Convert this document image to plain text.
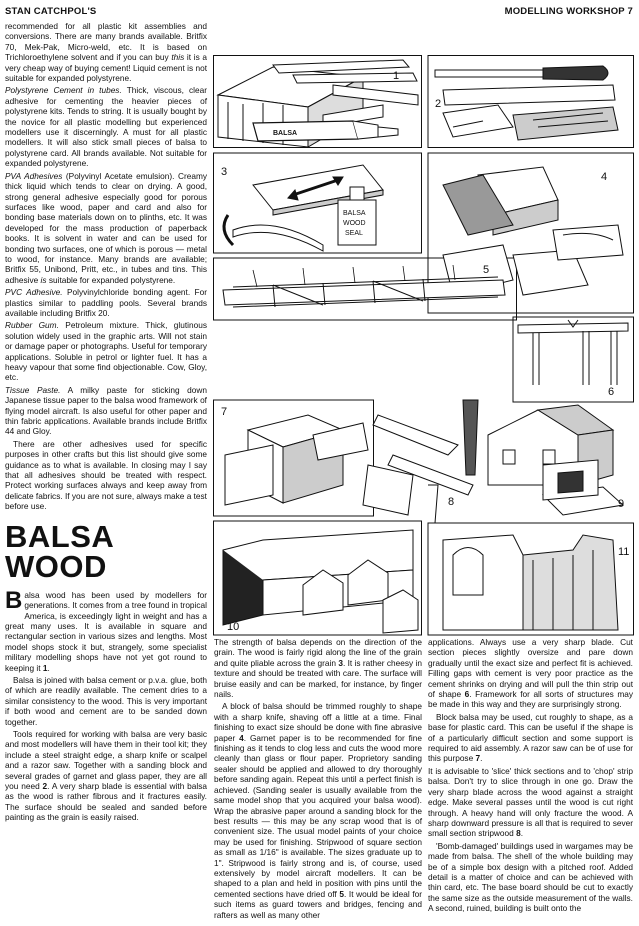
STAN CATCHPOL'S	MODELLING WORKSHOP 7

recommended for all plastic kit assemblies and conversions. There are many brands available. Britfix 70, Mek-Pak, Micro-weld, etc. It is based on Trichloroethylene solvent and if you can buy this it is a very cheap way of buying cement! Liquid cement is not suitable for expanded polystyrene.

Polystyrene Cement in tubes. Thick, viscous, clear adhesive for cementing the heavier pieces of polystyrene kits. Tends to string. It is usually bought by the novice for all plastic modelling but experienced modellers use it discerningly. A must for all plastic modellers. It will also stick small pieces of balsa to polystyrene card. All brands available. Not suitable for expanded polystyrene.

PVA Adhesives (Polyvinyl Acetate emulsion). Creamy thick liquid which tends to clear on drying. A good, strong general adhesive especially good for porous surfaces like wood, paper and card and also for bonding base materials down on to plinths, etc. It was developed for the mass production of paperback books. It is solvent in water and can be used for bonding two surfaces, one of which is porous — metal to wood, for instance. Many brands are available; Britfix 55, Unibond, Pritt, etc., in tubes and tins. This adhesive is suitable for expanded polystyrene.

PVC Adhesive. Polyvinylchloride bonding agent. For plastics similar to paddling pools. Several brands available including Britfix 20.

Rubber Gum. Petroleum mixture. Thick, glutinous solution widely used in the graphic arts. Will not stain or damage paper or photographs. Useful for temporary applications. Soluble in petrol or lighter fuel. It has a heavy vapour that some find objectionable. Cow, Gloy, etc.

Tissue Paste. A milky paste for sticking down Japanese tissue paper to the balsa wood framework of flying model aircraft. Is also useful for other paper and thin fabric applications. Available brands include Britfix 44 and Gloy.

There are other adhesives used for specific purposes in other crafts but this list should give some guidance as to what is available. In closing may I say that all adhesives should be treated with respect. Protect working surfaces always and keep away from delicate fabrics. If you are not sure, always make a test before use.

BALSA WOOD

Balsa wood has been used by modellers for generations. It comes from a tree found in tropical America, is exceedingly light in weight and has a great many uses. It is available in square and rectangular section in various sizes and lengths. Most model shops stock it but, strangely, some specialist military modelling shops have not yet got round to keeping it 1.

Balsa is joined with balsa cement or p.v.a. glue, both of which are readily available. The cement dries to a similar consistency to the wood. This is very important if both wood and cement are to be sanded down together.

Tools required for working with balsa are very basic and most modellers will have them in their tool kit; they include a steel straight edge, a sharp knife or scalpel and a razor saw. Together with a sanding block and several grades of garnet and glass paper, they are all you need 2. A very sharp blade is essential with balsa as the wood is rather fibrous and it fractures easily. The surface should be sealed and sanded before painting as the grain is easily raised.

The strength of balsa depends on the direction of the grain. The wood is fairly rigid along the line of the grain and quite pliable across the grain 3. It is rather cheesy in texture and should be treated with care. The surface will bruise easily and can be marked, for instance, by finger nails.

A block of balsa should be trimmed roughly to shape with a sharp knife, shaving off a little at a time. Final finishing to exact size should be done with fine abrasive paper 4. Garnet paper is to be recommended for fine finishing as it tends to clog less and cuts the wood more cleanly than glass or flour paper. Proprietory sanding sealer should be applied and allowed to dry thoroughly before sanding again. Repeat this until a perfect finish is achieved. (Sanding sealer is usually available from the same model shop that you acquired your balsa wood). Wrap the abrasive paper around a sanding block for the best results — this may be any scrap wood that is of convenient size. The usual model paints of your choice may be used for finishing. Stripwood of square section as small as 1/16" is available. The sizes graduate up to 1". Stripwood is fairly strong and is, of course, used extensively by model aircraft modellers. It can be shaped to a plan and held in position with pins until the cemented sections have dried off 5. It would be ideal for such items as guard towers and bridges, fencing and rafters as well as many other

applications. Always use a very sharp blade. Cut section pieces slightly oversize and pare down gradually until the exact size and perfect fit is achieved. Filling gaps with cement is very poor practice as the cement shrinks on drying and will pull the thin strip out of shape 6. Framework for all sorts of structures may be made in this way and they are surprisingly strong.

Block balsa may be used, cut roughly to shape, as a base for plastic card. This can be useful if the shape is of a particularly difficult section and some support is required to aid assembly. A razor saw can be of use for this purpose 7.

It is advisable to 'slice' thick sections and to 'chop' strip balsa. Don't try to slice through in one go. Draw the very sharp blade across the wood against a straight edge. Make several passes until the wood is cut right through. A heavy hand will only fracture the wood. A sharp downward pressure is all that is required to sever small section stripwood 8.

'Bomb-damaged' buildings used in wargames may be made from balsa. The shell of the whole building may be of a simple box design with a pitched roof. Added detail is a matter of choice and can be achieved with thin card, etc. The base board should be cut to exactly the same size as the outside measurement of the walls. A second, ruined, building is built onto the

BALSA
1
2
3
BALSA
WOOD
SEAL
4
5
6
7
8	9
10
11
